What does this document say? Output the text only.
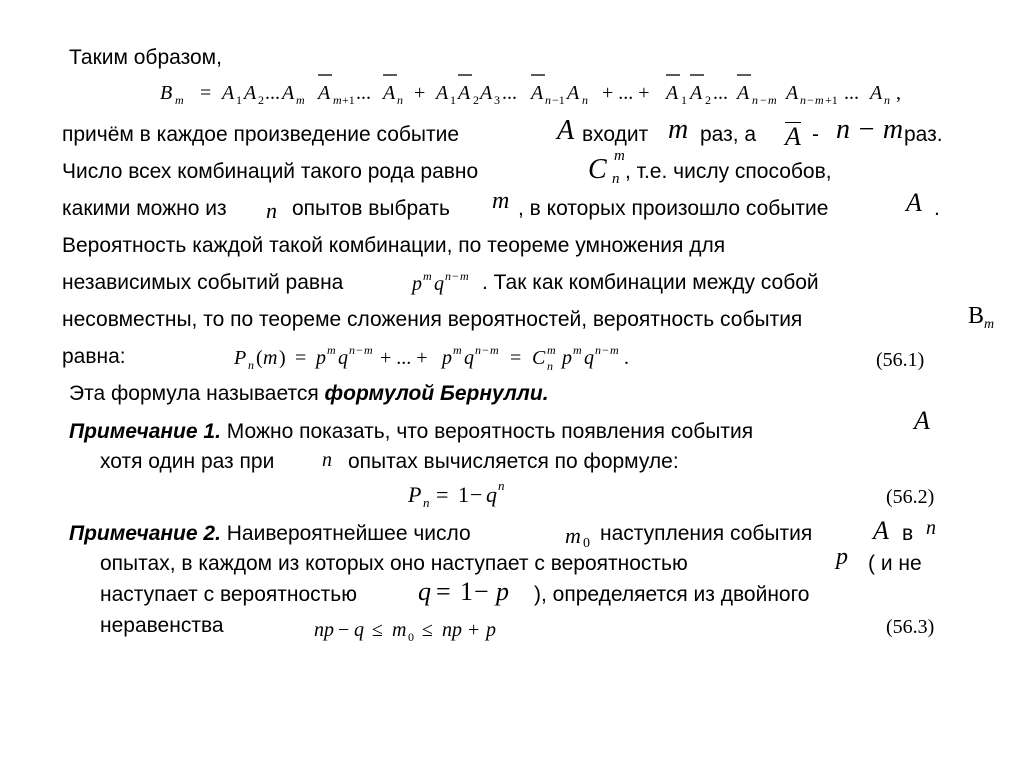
Таким образом,
B m = A 1 A 2 ... A m A m +1 ... A n + A 1 A 2 A 3 ... A n −1 A n + ... + A 1 A 2 ... A n − m A n − m +1 ... A n ,
причём в каждое произведение событие	A входит m раз, а A - n − m раз.
Число всех комбинаций такого рода равно	C m
n , т.е. числу способов,
какими можно из n опытов выбрать m , в которых произошло событие	A .
Вероятность каждой такой комбинации, по теореме умножения для
независимых событий равна	p m q n − m . Так как комбинации между собой
несовместны, то по теореме сложения вероятностей, вероятность события	B m
равна:	P n ( m ) = p m q n − m + ... + p m q n − m = C m
n p m q n − m .	(56.1)
Эта формула называется формулой Бернулли.
Примечание 1. Можно показать, что вероятность появления события	A
хотя один раз при n опытах вычисляется по формуле:
P n = 1 − q n
(56.2)
Примечание 2. Наивероятнейшее число	m 0 наступления события A в n
опытах, в каждом из которых оно наступает с вероятностью	p ( и не
наступает с вероятностью q = 1 − p ), определяется из двойного
неравенства	np − q ≤ m 0 ≤ np + p	(56.3)
